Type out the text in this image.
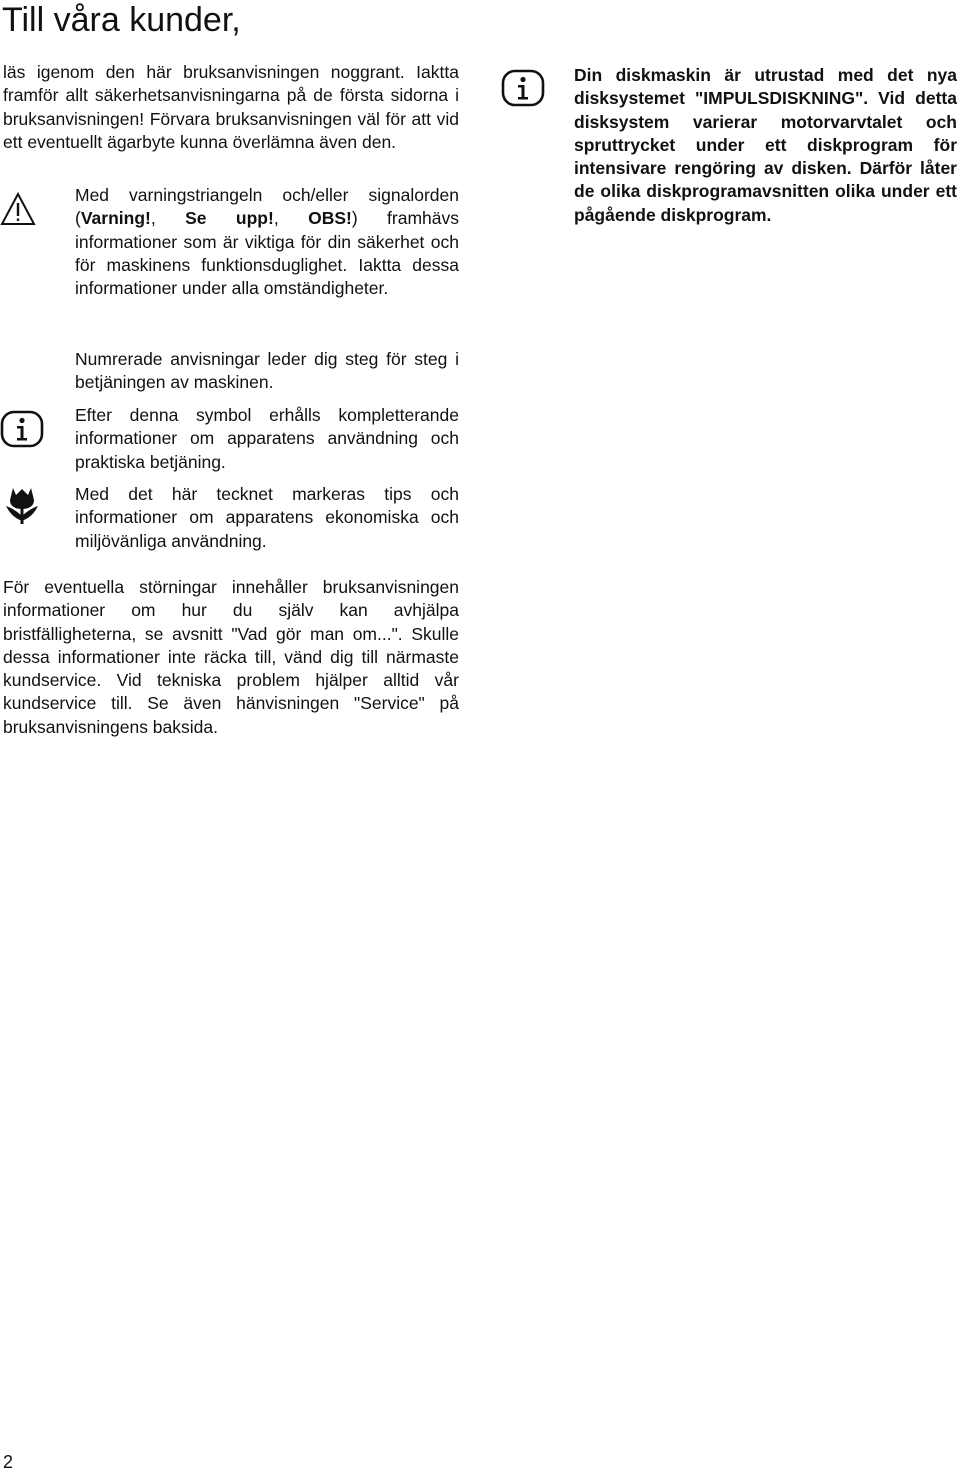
Till våra kunder,

läs igenom den här bruksanvisningen noggrant. Iaktta framför allt säkerhetsanvisningarna på de första sidorna i bruksanvisningen! Förvara bruksanvisningen väl för att vid ett eventuellt ägarbyte kunna överlämna även den.

Med varningstriangeln och/eller signalorden (Varning!, Se upp!, OBS!) framhävs informationer som är viktiga för din säkerhet och för maskinens funktionsduglighet. Iaktta dessa informationer under alla omständigheter.

Numrerade anvisningar leder dig steg för steg i betjäningen av maskinen.

Efter denna symbol erhålls kompletterande informationer om apparatens användning och praktiska betjäning.

Med det här tecknet markeras tips och informationer om apparatens ekonomiska och miljövänliga användning.

För eventuella störningar innehåller bruksanvisningen informationer om hur du själv kan avhjälpa bristfälligheterna, se avsnitt "Vad gör man om...". Skulle dessa informationer inte räcka till, vänd dig till närmaste kundservice. Vid tekniska problem hjälper alltid vår kundservice till. Se även hänvisningen "Service" på bruksanvisningens baksida.

Din diskmaskin är utrustad med det nya disksystemet "IMPULSDISKNING". Vid detta disksystem varierar motorvarvtalet och spruttrycket under ett diskprogram för intensivare rengöring av disken. Därför låter de olika diskprogramavsnitten olika under ett pågående diskprogram.

2
